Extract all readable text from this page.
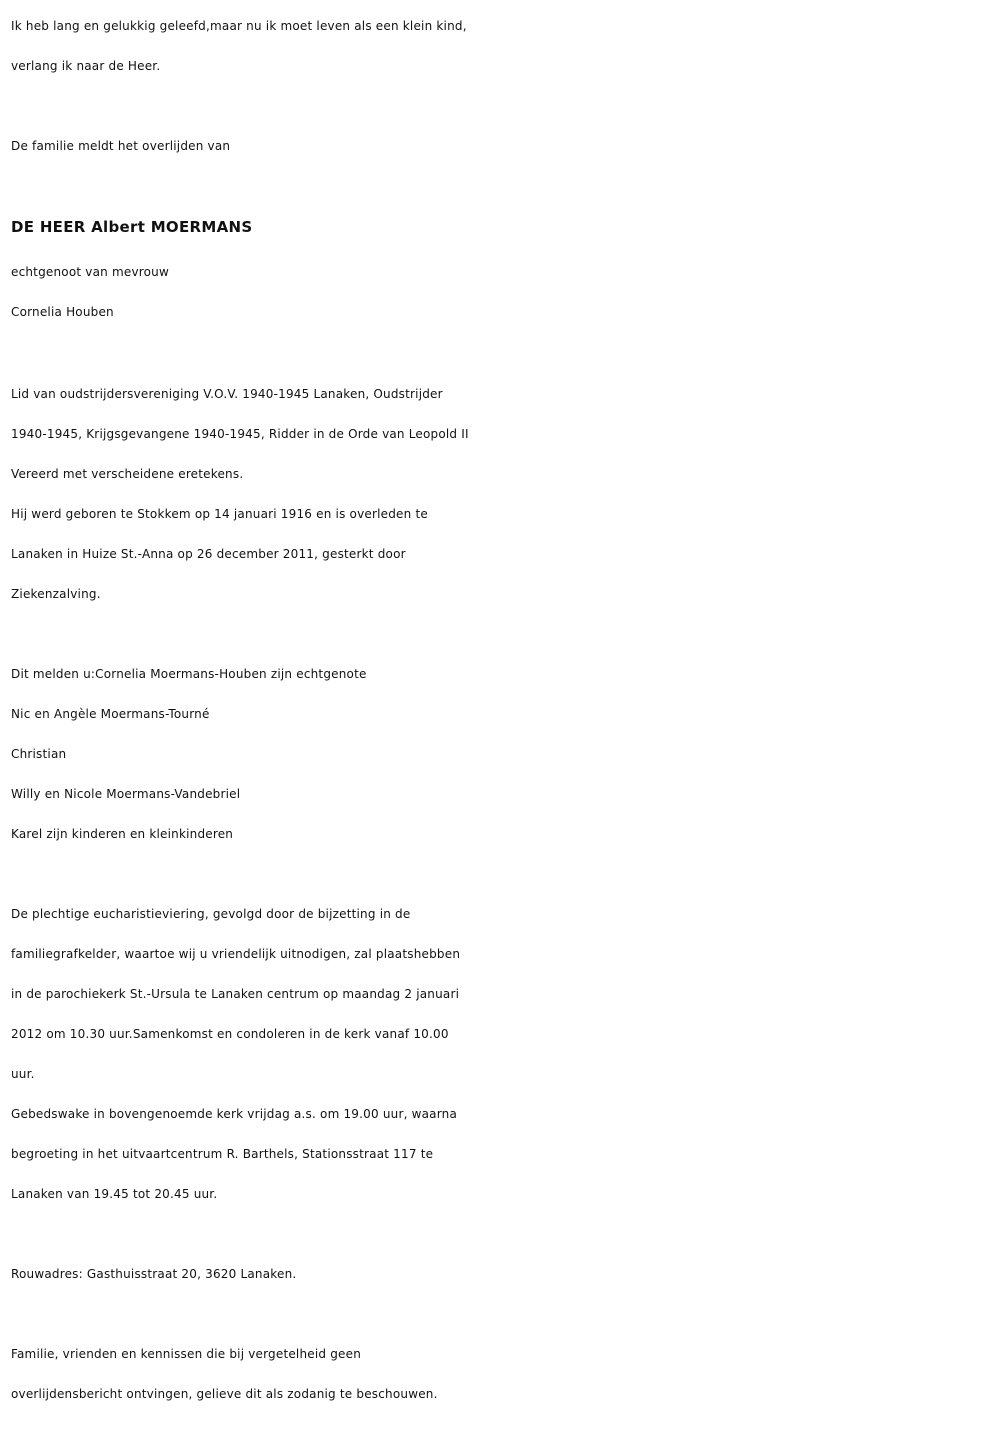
Ik heb lang en gelukkig geleefd,maar nu ik moet leven als een klein kind,
verlang ik naar de Heer.
De familie meldt het overlijden van
DE HEER Albert MOERMANS
echtgenoot van mevrouw
Cornelia Houben
Lid van oudstrijdersvereniging V.O.V. 1940-1945 Lanaken, Oudstrijder
1940-1945, Krijgsgevangene 1940-1945, Ridder in de Orde van Leopold II
Vereerd met verscheidene eretekens.
Hij werd geboren te Stokkem op 14 januari 1916 en is overleden te
Lanaken in Huize St.-Anna op 26 december 2011, gesterkt door
Ziekenzalving.
Dit melden u:Cornelia Moermans-Houben zijn echtgenote
Nic en Angèle Moermans-Tourné
Christian
Willy en Nicole Moermans-Vandebriel
Karel zijn kinderen en kleinkinderen
De plechtige eucharistieviering, gevolgd door de bijzetting in de
familiegrafkelder, waartoe wij u vriendelijk uitnodigen, zal plaatshebben
in de parochiekerk St.-Ursula te Lanaken centrum op maandag 2 januari
2012 om 10.30 uur.Samenkomst en condoleren in de kerk vanaf 10.00
uur.
Gebedswake in bovengenoemde kerk vrijdag a.s. om 19.00 uur, waarna
begroeting in het uitvaartcentrum R. Barthels, Stationsstraat 117 te
Lanaken van 19.45 tot 20.45 uur.
Rouwadres: Gasthuisstraat 20, 3620 Lanaken.
Familie, vrienden en kennissen die bij vergetelheid geen
overlijdensbericht ontvingen, gelieve dit als zodanig te beschouwen.
